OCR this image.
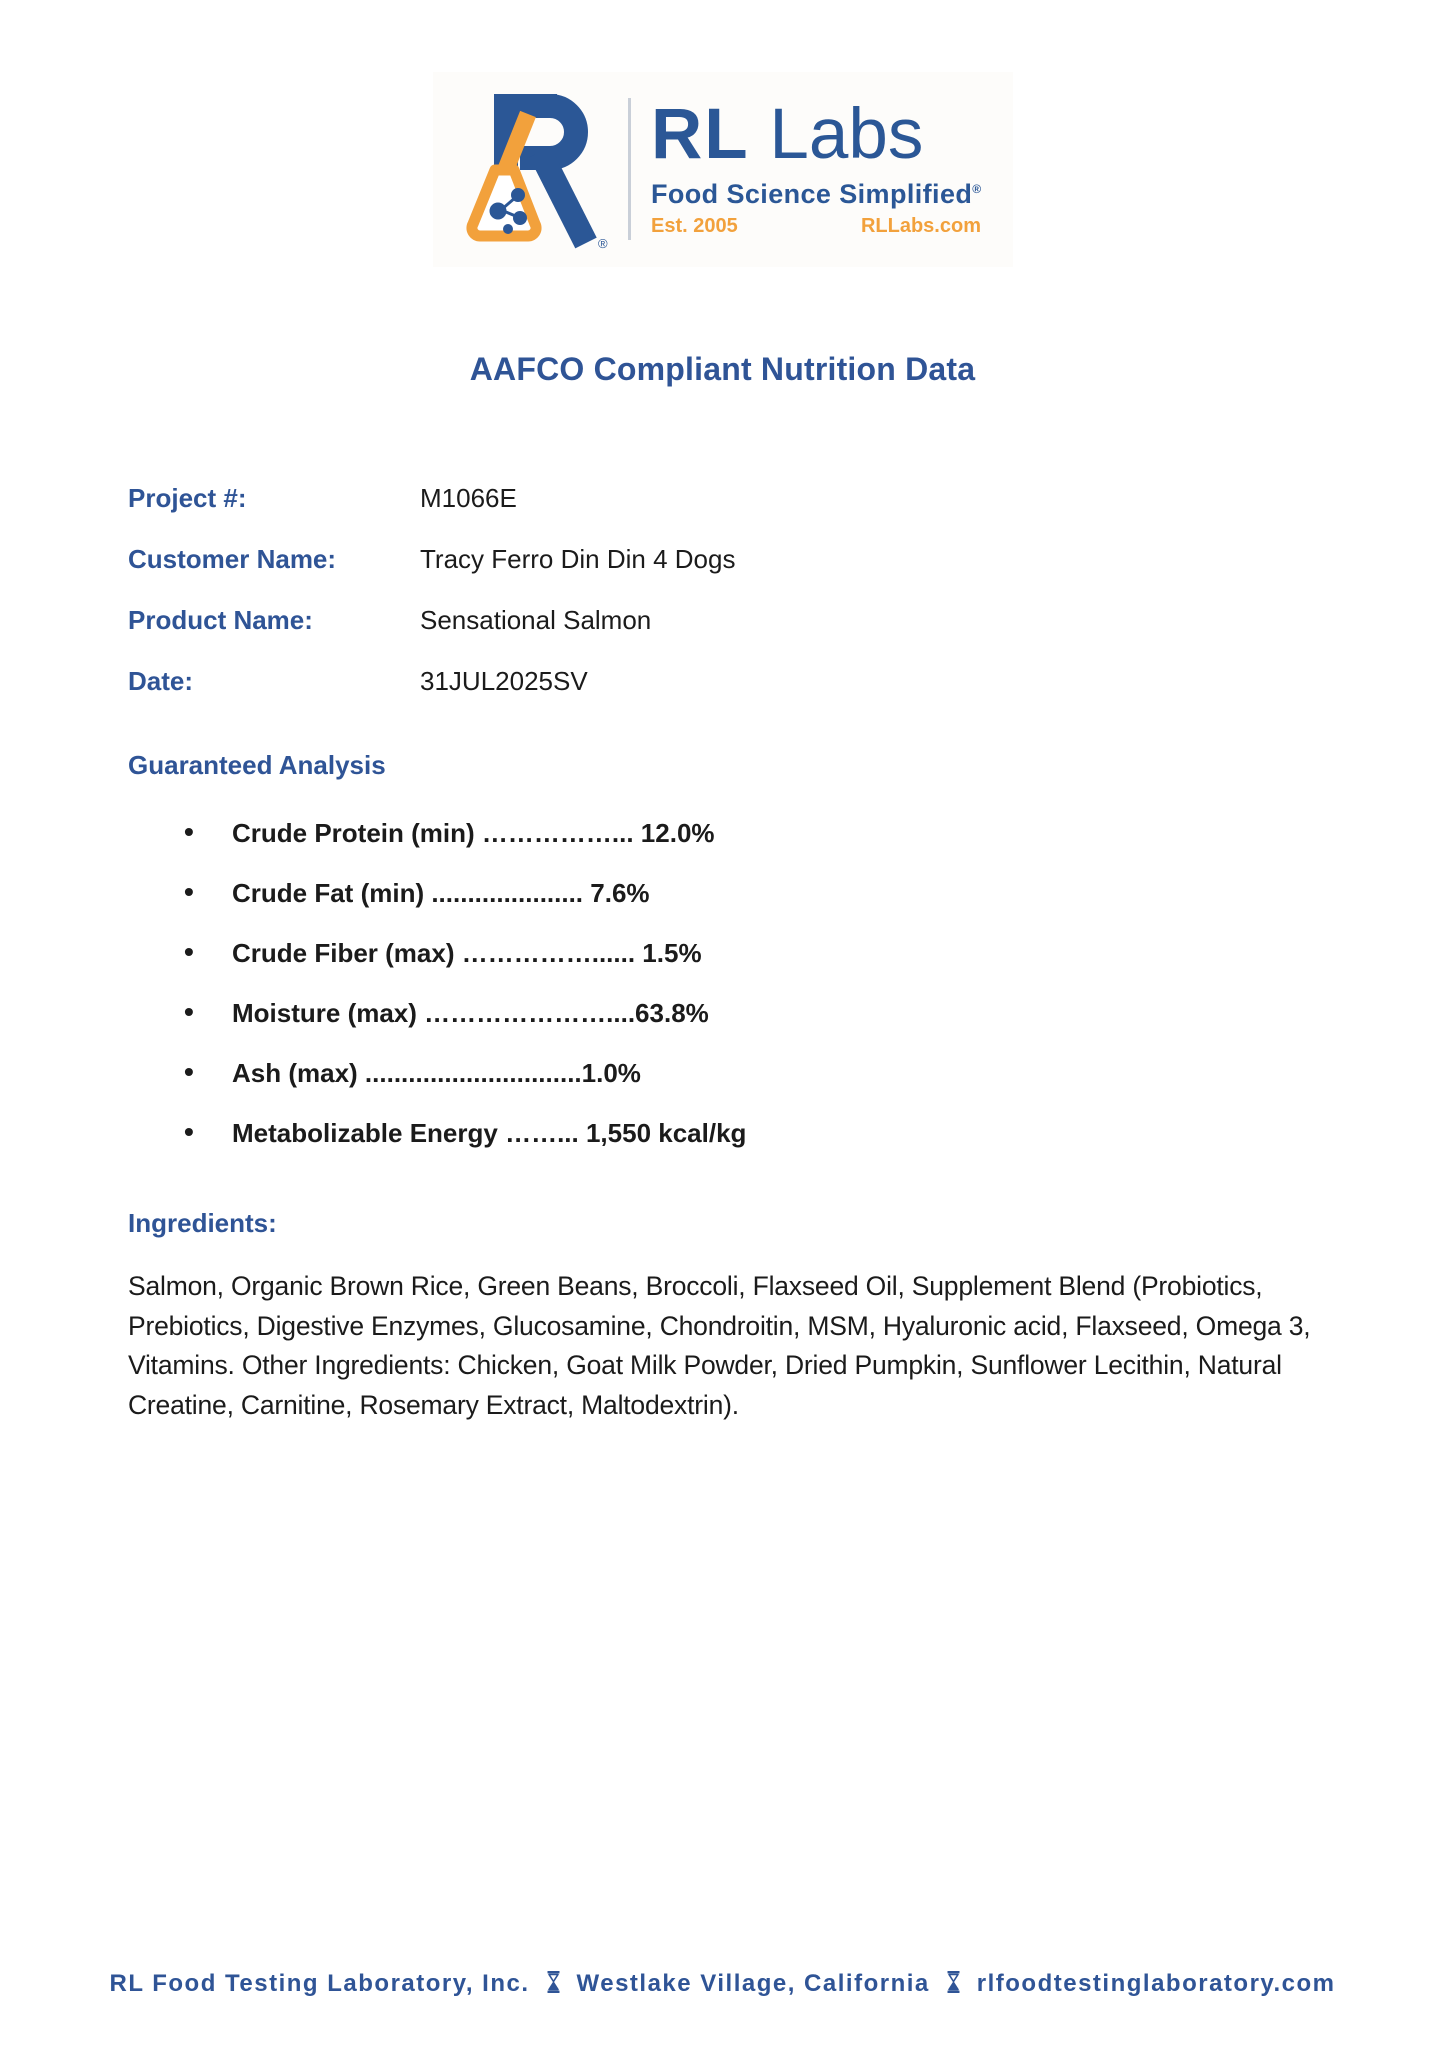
®
RL Labs
Food Science Simplified®
Est. 2005	RLLabs.com
AAFCO Compliant Nutrition Data
Project #:	M1066E
Customer Name:	Tracy Ferro Din Din 4 Dogs
Product Name:	Sensational Salmon
Date:	31JUL2025SV
Guaranteed Analysis
• Crude Protein (min) ……………... 12.0%
• Crude Fat (min) ..................... 7.6%
• Crude Fiber (max) ……………...... 1.5%
• Moisture (max) …………………....63.8%
• Ash (max) ..............................1.0%
• Metabolizable Energy ……... 1,550 kcal/kg
Ingredients:
Salmon, Organic Brown Rice, Green Beans, Broccoli, Flaxseed Oil, Supplement Blend (Probiotics,
Prebiotics, Digestive Enzymes, Glucosamine, Chondroitin, MSM, Hyaluronic acid, Flaxseed, Omega 3,
Vitamins. Other Ingredients: Chicken, Goat Milk Powder, Dried Pumpkin, Sunflower Lecithin, Natural
Creatine, Carnitine, Rosemary Extract, Maltodextrin).
RL Food Testing Laboratory, Inc. Westlake Village, California rlfoodtestinglaboratory.com
